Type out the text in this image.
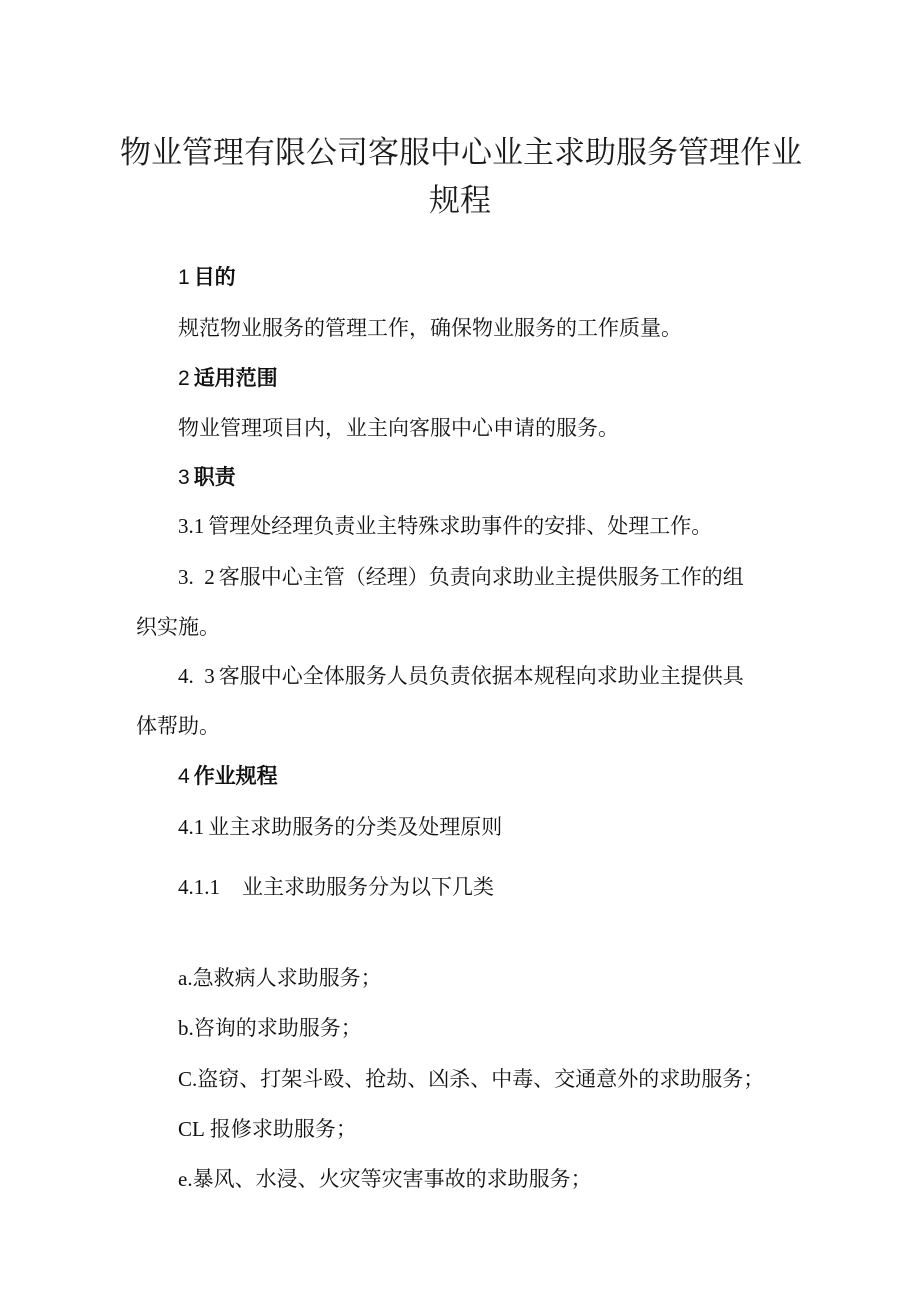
物业管理有限公司客服中心业主求助服务管理作业
规程
1 目的
规范物业服务的管理工作，确保物业服务的工作质量。
2 适用范围
物业管理项目内，业主向客服中心申请的服务。
3 职责
3.1 管理处经理负责业主特殊求助事件的安排、处理工作。
3.  2 客服中心主管（经理）负责向求助业主提供服务工作的组
织实施。
4.  3 客服中心全体服务人员负责依据本规程向求助业主提供具
体帮助。
4 作业规程
4.1 业主求助服务的分类及处理原则
4.1.1 业主求助服务分为以下几类
a.急救病人求助服务；
b.咨询的求助服务；
C.盗窃、打架斗殴、抢劫、凶杀、中毒、交通意外的求助服务；
CL 报修求助服务；
e.暴风、水浸、火灾等灾害事故的求助服务；
